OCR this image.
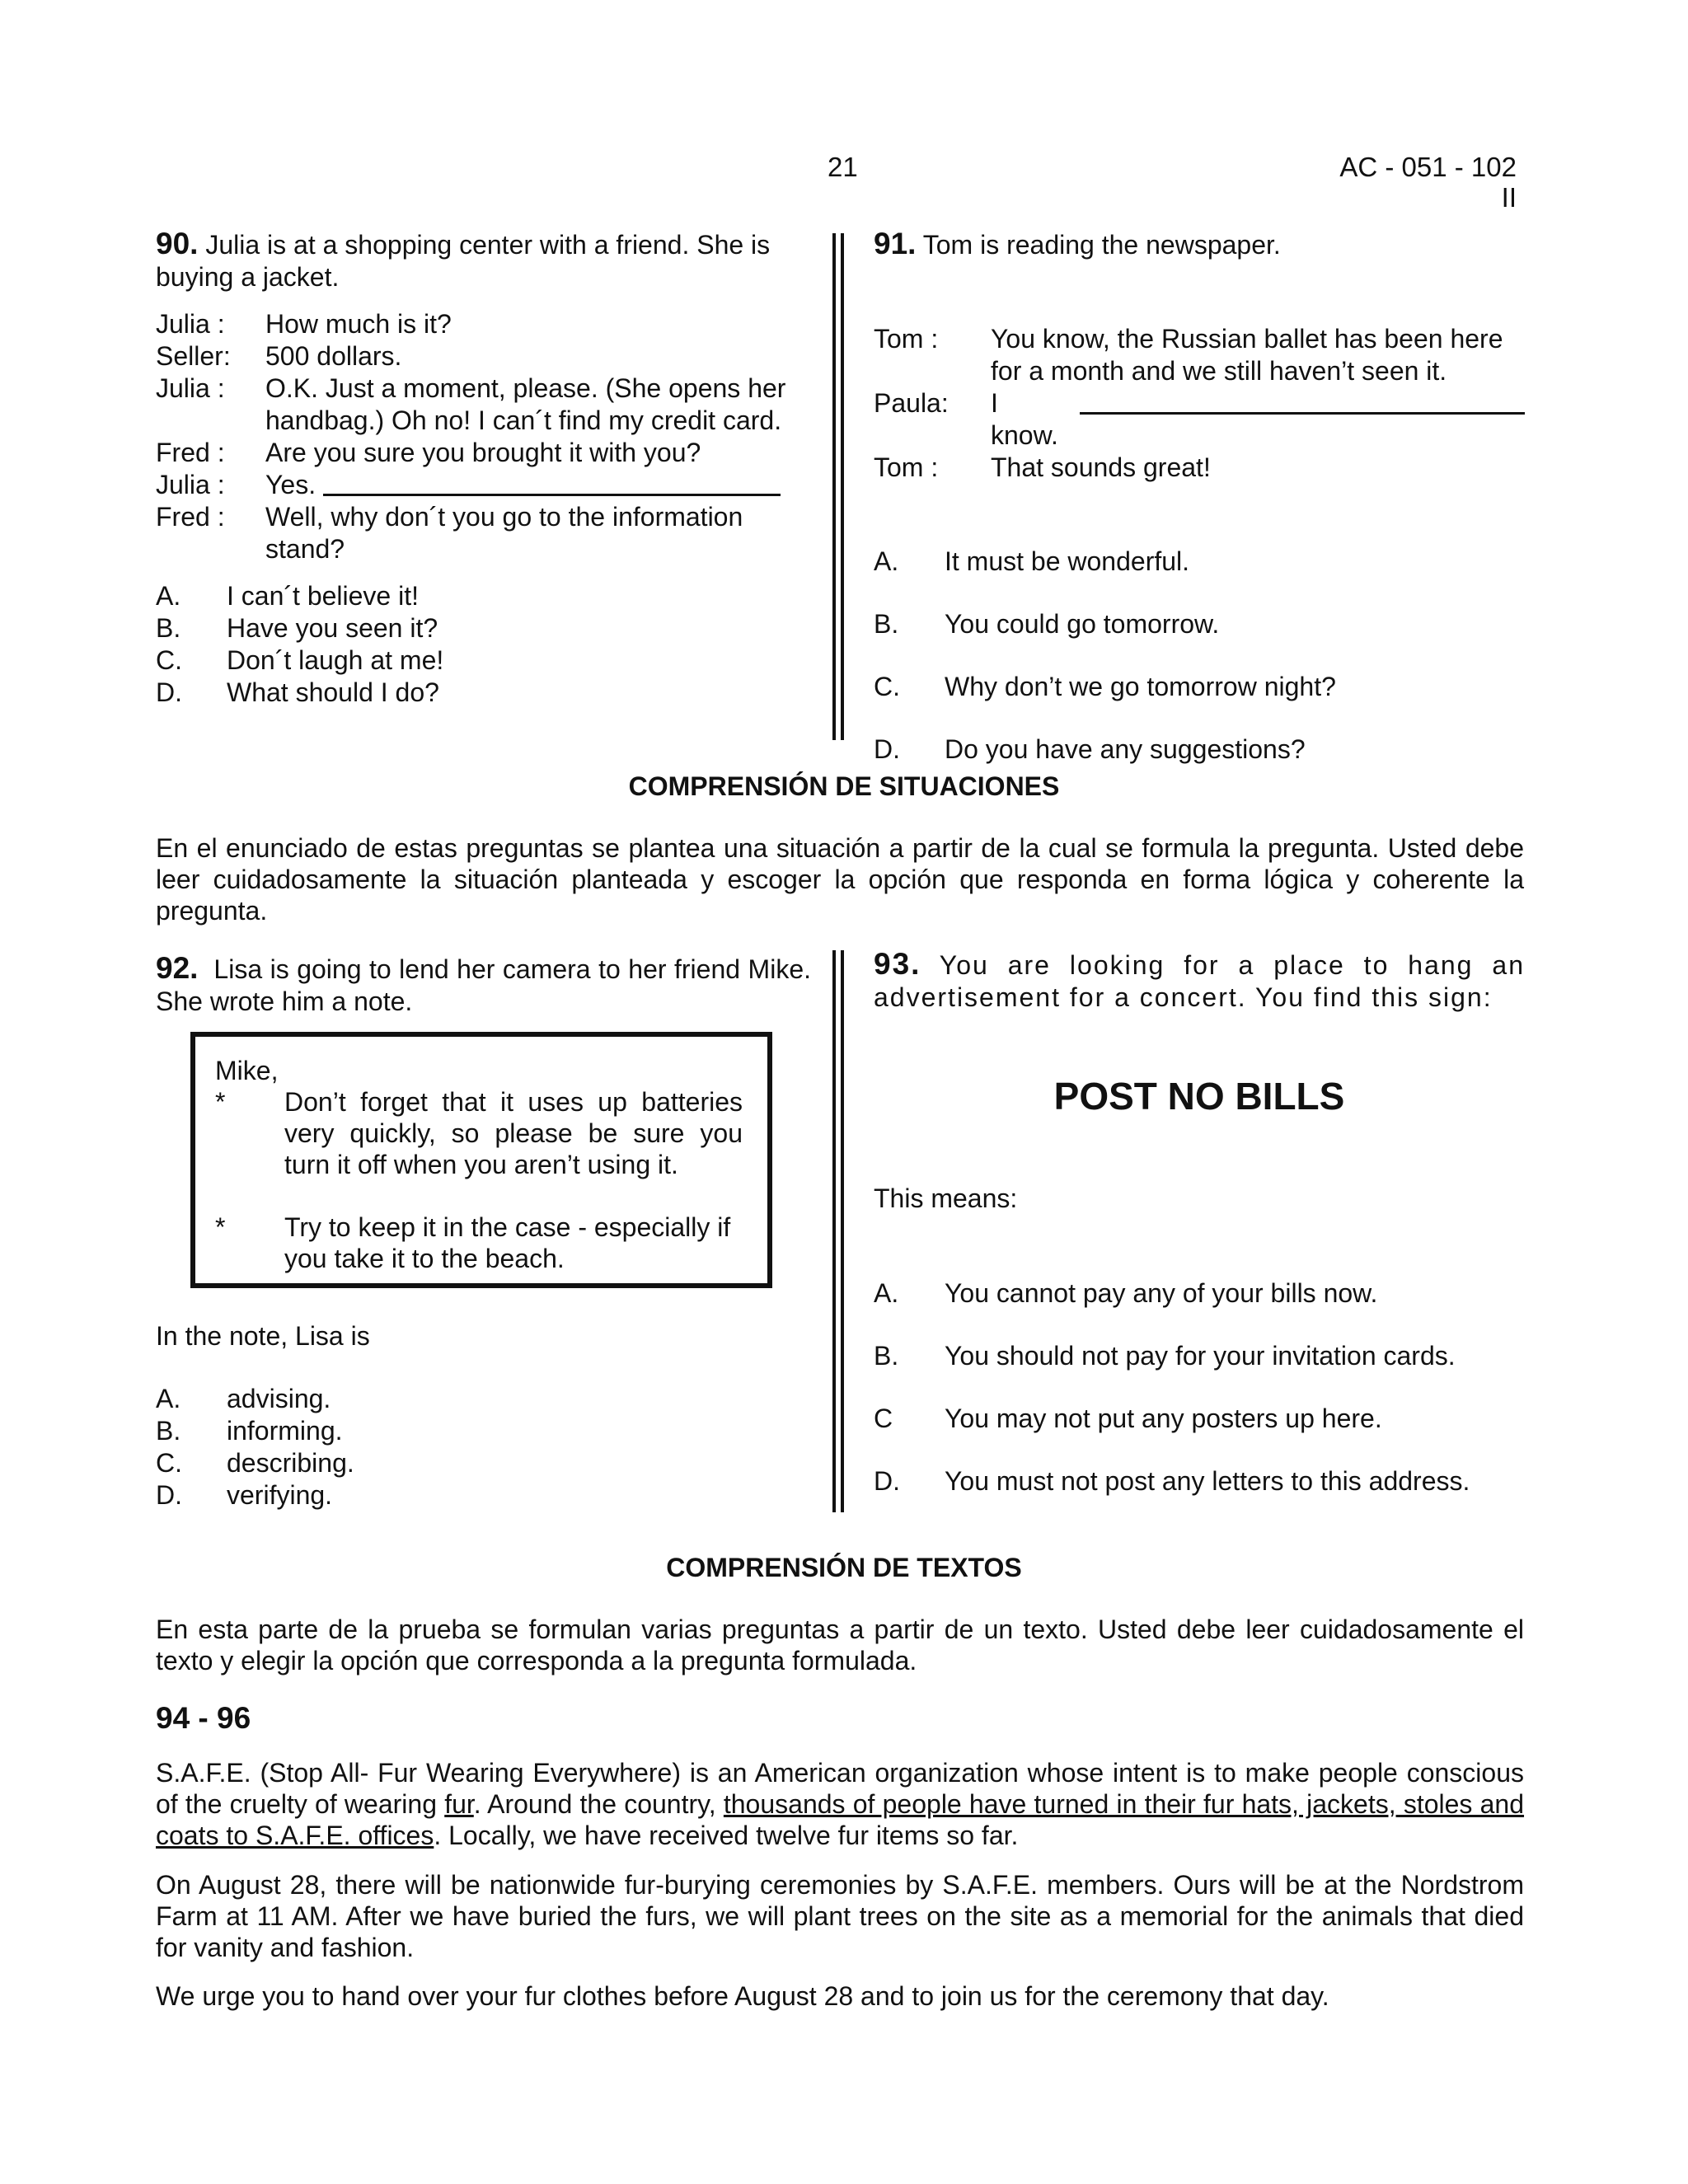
21	AC - 051 - 102
II
90. Julia is at a shopping center with a friend. She is buying a jacket.
Julia :	How much is it?
Seller:	500 dollars.
Julia :	O.K. Just a moment, please. (She opens her handbag.) Oh no! I can´t find my credit card.
Fred :	Are you sure you brought it with you?
Julia :	Yes.

Fred :	Well, why don´t you go to the information stand?
A.	I can´t believe it!
B.	Have you seen it?
C.	Don´t laugh at me!
D.	What should I do?
91. Tom is reading the newspaper.
Tom :	You know, the Russian ballet has been here for a month and we still haven’t seen it.
Paula:	I know.

Tom :	That sounds great!
A.	It must be wonderful.
B.	You could go tomorrow.
C.	Why don’t we go tomorrow night?
D.	Do you have any suggestions?
COMPRENSIÓN DE SITUACIONES
En el enunciado de estas preguntas se plantea una situación a partir de la cual se formula la pregunta. Usted debe leer cuidadosamente la situación planteada y escoger la opción que responda en forma lógica y coherente la pregunta.
92. Lisa is going to lend her camera to her friend Mike. She wrote him a note.
Mike,
*	Don’t forget that it uses up batteries very quickly, so please be sure you turn it off when you aren’t using it.
*	Try to keep it in the case - especially if you take it to the beach.
In the note, Lisa is
A.	advising.
B.	informing.
C.	describing.
D.	verifying.
93. You are looking for a place to hang an advertisement for a concert. You find this sign:
POST NO BILLS
This means:
A.	You cannot pay any of your bills now.
B.	You should not pay for your invitation cards.
C	You may not put any posters up here.
D.	You must not post any letters to this address.
COMPRENSIÓN DE TEXTOS
En esta parte de la prueba se formulan varias preguntas a partir de un texto. Usted debe leer cuidadosamente el texto y elegir la opción que corresponda a la pregunta formulada.
94 - 96
S.A.F.E. (Stop All- Fur Wearing Everywhere) is an American organization whose intent is to make people conscious of the cruelty of wearing fur. Around the country, thousands of people have turned in their fur hats, jackets, stoles and coats to S.A.F.E. offices. Locally, we have received twelve fur items so far.
On August 28, there will be nationwide fur-burying ceremonies by S.A.F.E. members. Ours will be at the Nordstrom Farm at 11 AM. After we have buried the furs, we will plant trees on the site as a memorial for the animals that died for vanity and fashion.
We urge you to hand over your fur clothes before August 28 and to join us for the ceremony that day.
